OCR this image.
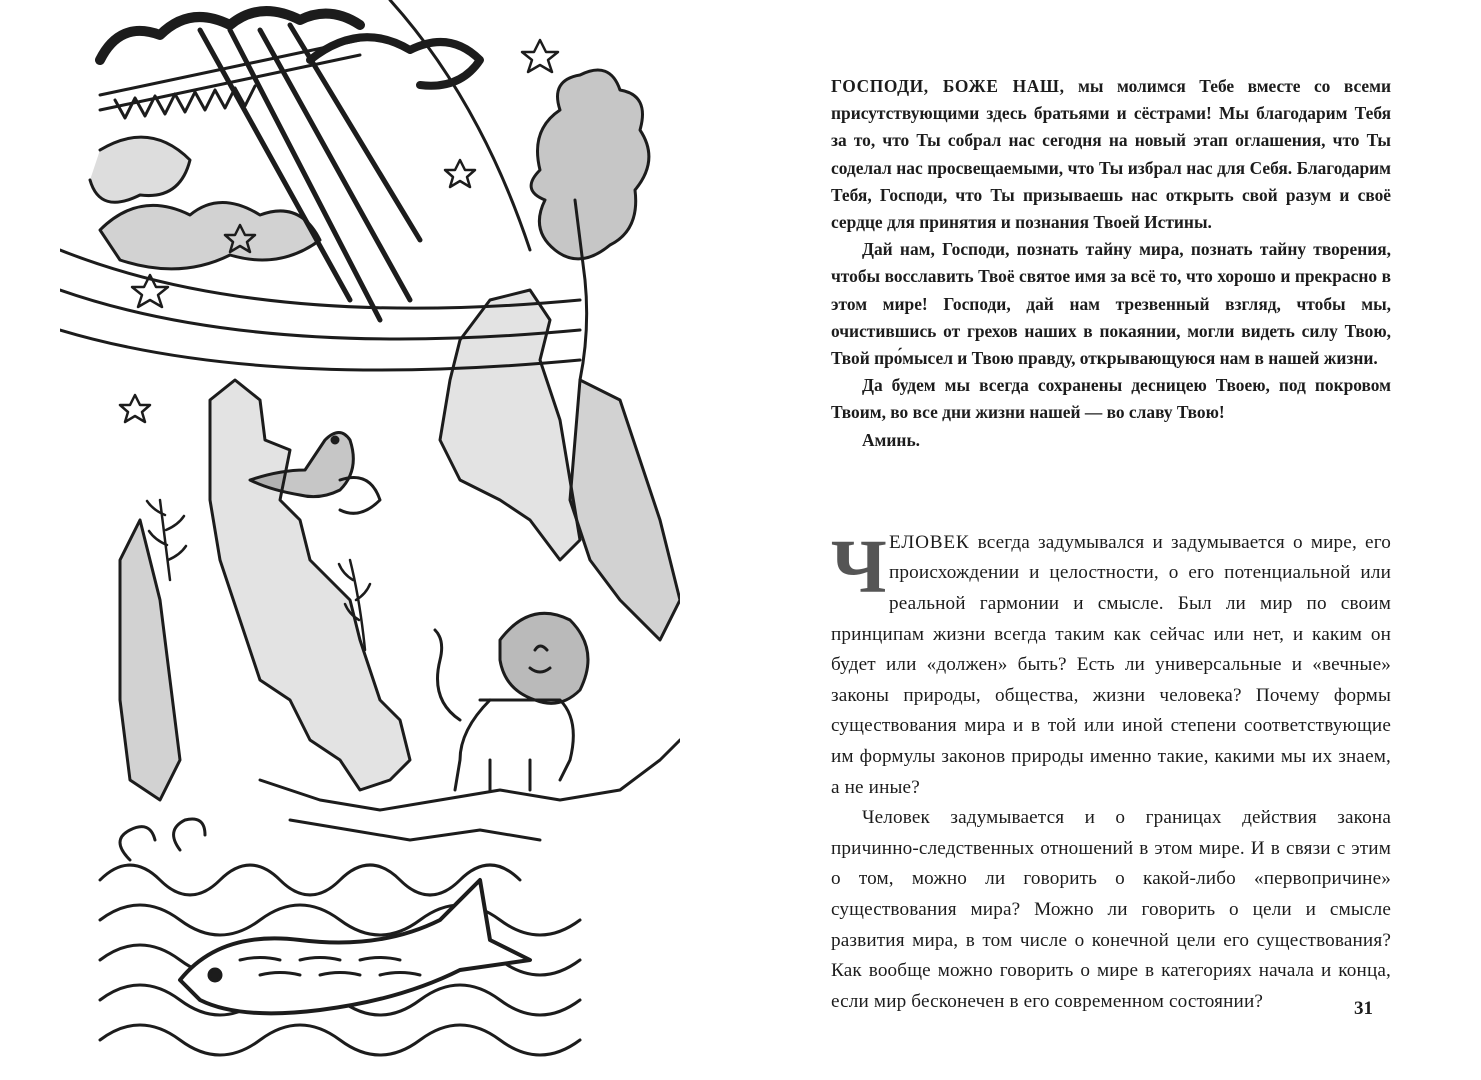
ГОСПОДИ, БОЖЕ НАШ, мы молимся Тебе вместе со всеми присутствующими здесь братьями и сёстрами! Мы благодарим Тебя за то, что Ты собрал нас сегодня на новый этап оглашения, что Ты соделал нас просвещаемыми, что Ты избрал нас для Себя. Благодарим Тебя, Господи, что Ты призываешь нас открыть свой разум и своё сердце для принятия и познания Твоей Истины.

Дай нам, Господи, познать тайну мира, познать тайну творения, чтобы восславить Твоё святое имя за всё то, что хорошо и прекрасно в этом мире! Господи, дай нам трезвенный взгляд, чтобы мы, очистившись от грехов наших в покаянии, могли видеть силу Твою, Твой про́мысел и Твою правду, открывающуюся нам в нашей жизни.

Да будем мы всегда сохранены десницею Твоею, под покровом Твоим, во все дни жизни нашей — во славу Твою!

Аминь.

Ч ЕЛОВЕК всегда задумывался и задумывается о мире, его происхождении и целостности, о его потенциальной или реальной гармонии и смысле. Был ли мир по своим принципам жизни всегда таким как сейчас или нет, и каким он будет или «должен» быть? Есть ли универсальные и «вечные» законы природы, общества, жизни человека? Почему формы существования мира и в той или иной степени соответствующие им формулы законов природы именно такие, какими мы их знаем, а не иные?

Человек задумывается и о границах действия закона причинно-следственных отношений в этом мире. И в связи с этим о том, можно ли говорить о какой-либо «первопричине» существования мира? Можно ли говорить о цели и смысле развития мира, в том числе о конечной цели его существования? Как вообще можно говорить о мире в категориях начала и конца, если мир бесконечен в его современном состоянии?	31
